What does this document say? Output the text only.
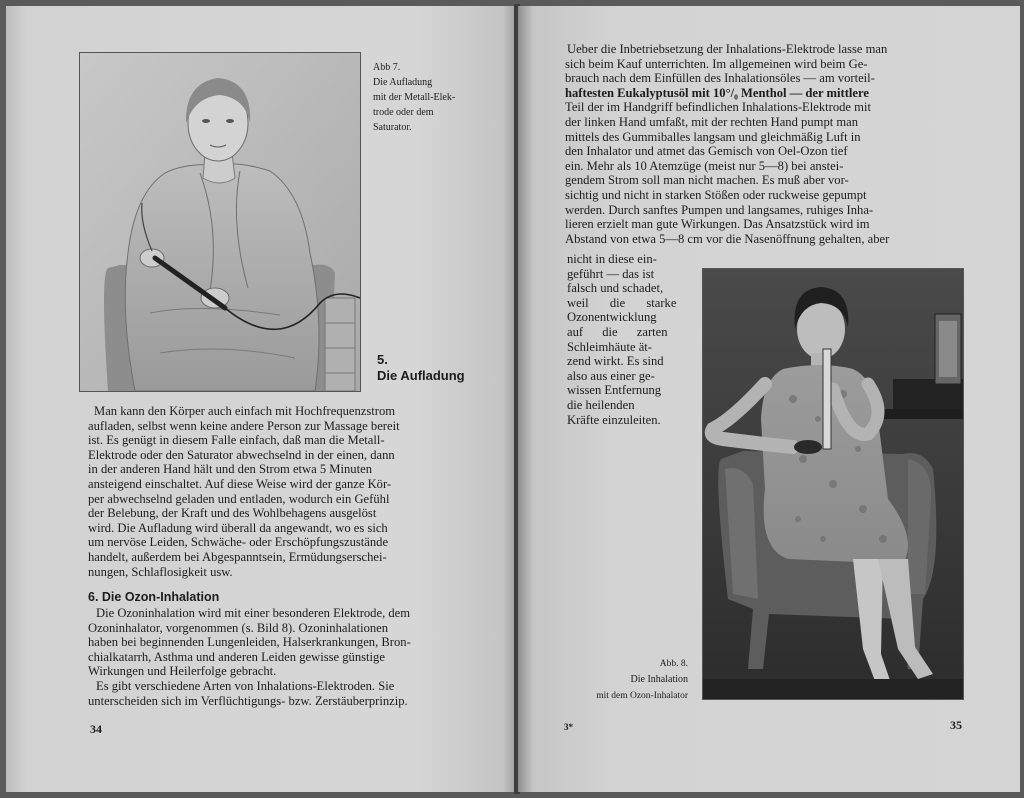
Abb 7.
Die Aufladung
mit der Metall-Elek-
trode oder dem
Saturator.
5.
Die Aufladung
Man kann den Körper auch einfach mit Hochfrequenzstrom
aufladen, selbst wenn keine andere Person zur Massage bereit
ist. Es genügt in diesem Falle einfach, daß man die Metall-
Elektrode oder den Saturator abwechselnd in der einen, dann
in der anderen Hand hält und den Strom etwa 5 Minuten
ansteigend einschaltet. Auf diese Weise wird der ganze Kör-
per abwechselnd geladen und entladen, wodurch ein Gefühl
der Belebung, der Kraft und des Wohlbehagens ausgelöst
wird. Die Aufladung wird überall da angewandt, wo es sich
um nervöse Leiden, Schwäche- oder Erschöpfungszustände
handelt, außerdem bei Abgespanntsein, Ermüdungserschei-
nungen, Schlaflosigkeit usw.
6. Die Ozon-Inhalation
Die Ozoninhalation wird mit einer besonderen Elektrode, dem
Ozoninhalator, vorgenommen (s. Bild 8). Ozoninhalationen
haben bei beginnenden Lungenleiden, Halserkrankungen, Bron-
chialkatarrh, Asthma und anderen Leiden gewisse günstige
Wirkungen und Heilerfolge gebracht.
Es gibt verschiedene Arten von Inhalations-Elektroden. Sie
unterscheiden sich im Verflüchtigungs- bzw. Zerstäuberprinzip.
34
Ueber die Inbetriebsetzung der Inhalations-Elektrode lasse man
sich beim Kauf unterrichten. Im allgemeinen wird beim Ge-
brauch nach dem Einfüllen des Inhalationsöles — am vorteil-
haftesten Eukalyptusöl mit 10°/₀ Menthol — der mittlere
Teil der im Handgriff befindlichen Inhalations-Elektrode mit
der linken Hand umfaßt, mit der rechten Hand pumpt man
mittels des Gummiballes langsam und gleichmäßig Luft in
den Inhalator und atmet das Gemisch von Oel-Ozon tief
ein. Mehr als 10 Atemzüge (meist nur 5—8) bei anstei-
gendem Strom soll man nicht machen. Es muß aber vor-
sichtig und nicht in starken Stößen oder ruckweise gepumpt
werden. Durch sanftes Pumpen und langsames, ruhiges Inha-
lieren erzielt man gute Wirkungen. Das Ansatzstück wird im
Abstand von etwa 5—8 cm vor die Nasenöffnung gehalten, aber
nicht in diese ein-
geführt — das ist
falsch und schadet,
weil die starke
Ozonentwicklung
auf die zarten
Schleimhäute ät-
zend wirkt. Es sind
also aus einer ge-
wissen Entfernung
die heilenden
Kräfte einzuleiten.
Abb. 8.
Die Inhalation
mit dem Ozon-Inhalator
3*	35
